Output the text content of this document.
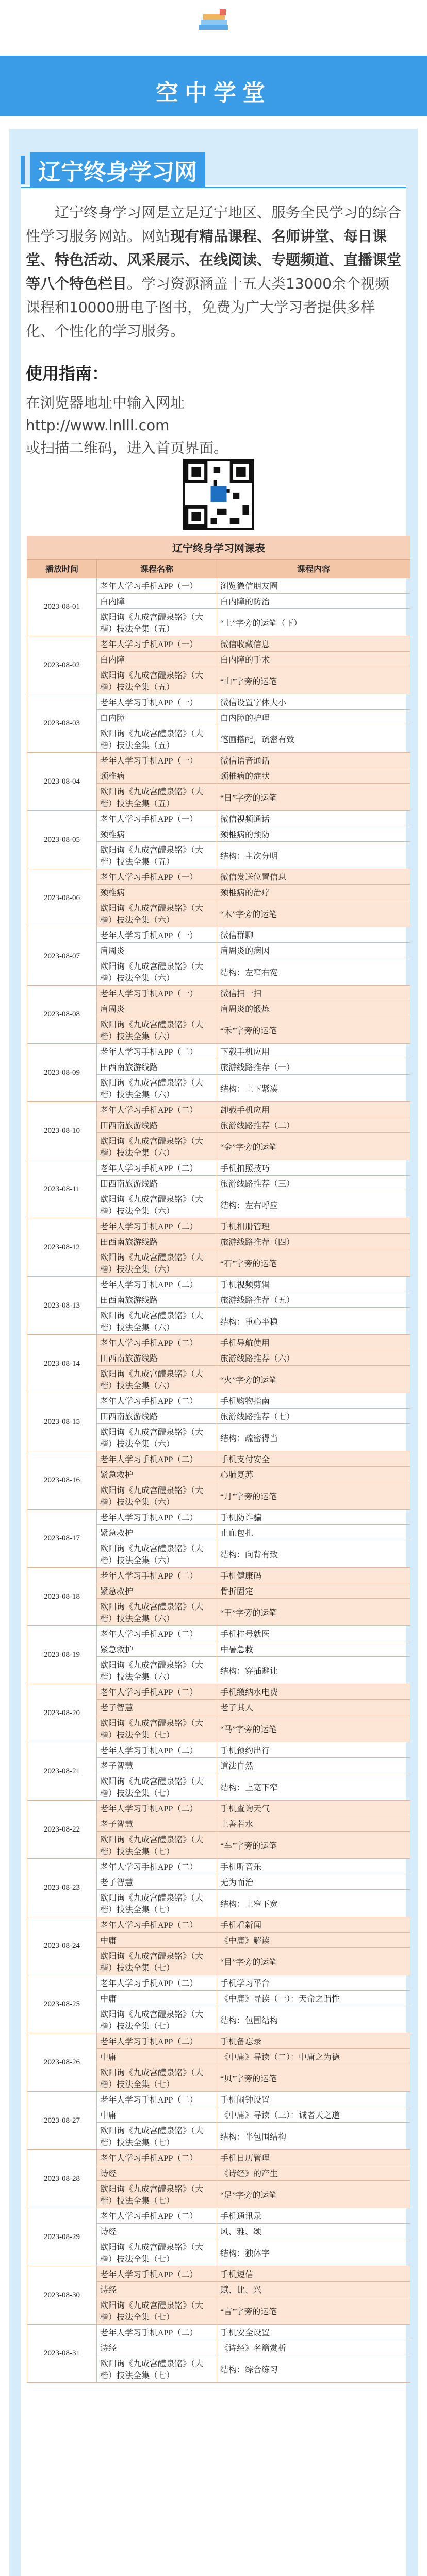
空中学堂
辽宁终身学习网

辽宁终身学习网是立足辽宁地区、服务全民学习的综合性学习服务网站。网站现有精品课程、名师讲堂、每日课堂、特色活动、风采展示、在线阅读、专题频道、直播课堂等八个特色栏目。学习资源涵盖十五大类13000余个视频课程和10000册电子图书，免费为广大学习者提供多样化、个性化的学习服务。

使用指南：
在浏览器地址中输入网址
http://www.lnlll.com
或扫描二维码，进入首页界面。
辽宁终身学习网课表
播放时间	课程名称	课程内容
2023-08-01	老年人学习手机APP（一）	浏览微信朋友圈
	白内障	白内障的防治
	欧阳询《九成宫醴泉铭》（大楷）技法全集（五）	“土”字旁的运笔（下）
2023-08-02	老年人学习手机APP（一）	微信收藏信息
	白内障	白内障的手术
	欧阳询《九成宫醴泉铭》（大楷）技法全集（五）	“山”字旁的运笔
2023-08-03	老年人学习手机APP（一）	微信设置字体大小
	白内障	白内障的护理
	欧阳询《九成宫醴泉铭》（大楷）技法全集（五）	笔画搭配，疏密有致
2023-08-04	老年人学习手机APP（一）	微信语音通话
	颈椎病	颈椎病的症状
	欧阳询《九成宫醴泉铭》（大楷）技法全集（五）	“日”字旁的运笔
2023-08-05	老年人学习手机APP（一）	微信视频通话
	颈椎病	颈椎病的预防
	欧阳询《九成宫醴泉铭》（大楷）技法全集（五）	结构：主次分明
2023-08-06	老年人学习手机APP（一）	微信发送位置信息
	颈椎病	颈椎病的治疗
	欧阳询《九成宫醴泉铭》（大楷）技法全集（六）	“木”字旁的运笔
2023-08-07	老年人学习手机APP（一）	微信群聊
	肩周炎	肩周炎的病因
	欧阳询《九成宫醴泉铭》（大楷）技法全集（六）	结构：左窄右宽
2023-08-08	老年人学习手机APP（一）	微信扫一扫
	肩周炎	肩周炎的锻炼
	欧阳询《九成宫醴泉铭》（大楷）技法全集（六）	“禾”字旁的运笔
2023-08-09	老年人学习手机APP（二）	下载手机应用
	田西南旅游线路	旅游线路推荐（一）
	欧阳询《九成宫醴泉铭》（大楷）技法全集（六）	结构：上下紧凑
2023-08-10	老年人学习手机APP（二）	卸载手机应用
	田西南旅游线路	旅游线路推荐（二）
	欧阳询《九成宫醴泉铭》（大楷）技法全集（六）	“金”字旁的运笔
2023-08-11	老年人学习手机APP（二）	手机拍照技巧
	田西南旅游线路	旅游线路推荐（三）
	欧阳询《九成宫醴泉铭》（大楷）技法全集（六）	结构：左右呼应
2023-08-12	老年人学习手机APP（二）	手机相册管理
	田西南旅游线路	旅游线路推荐（四）
	欧阳询《九成宫醴泉铭》（大楷）技法全集（六）	“石”字旁的运笔
2023-08-13	老年人学习手机APP（二）	手机视频剪辑
	田西南旅游线路	旅游线路推荐（五）
	欧阳询《九成宫醴泉铭》（大楷）技法全集（六）	结构：重心平稳
2023-08-14	老年人学习手机APP（二）	手机导航使用
	田西南旅游线路	旅游线路推荐（六）
	欧阳询《九成宫醴泉铭》（大楷）技法全集（六）	“火”字旁的运笔
2023-08-15	老年人学习手机APP（二）	手机购物指南
	田西南旅游线路	旅游线路推荐（七）
	欧阳询《九成宫醴泉铭》（大楷）技法全集（六）	结构：疏密得当
2023-08-16	老年人学习手机APP（二）	手机支付安全
	紧急救护	心肺复苏
	欧阳询《九成宫醴泉铭》（大楷）技法全集（六）	“月”字旁的运笔
2023-08-17	老年人学习手机APP（二）	手机防诈骗
	紧急救护	止血包扎
	欧阳询《九成宫醴泉铭》（大楷）技法全集（六）	结构：向背有致
2023-08-18	老年人学习手机APP（二）	手机健康码
	紧急救护	骨折固定
	欧阳询《九成宫醴泉铭》（大楷）技法全集（六）	“王”字旁的运笔
2023-08-19	老年人学习手机APP（二）	手机挂号就医
	紧急救护	中暑急救
	欧阳询《九成宫醴泉铭》（大楷）技法全集（六）	结构：穿插避让
2023-08-20	老年人学习手机APP（二）	手机缴纳水电费
	老子智慧	老子其人
	欧阳询《九成宫醴泉铭》（大楷）技法全集（七）	“马”字旁的运笔
2023-08-21	老年人学习手机APP（二）	手机预约出行
	老子智慧	道法自然
	欧阳询《九成宫醴泉铭》（大楷）技法全集（七）	结构：上宽下窄
2023-08-22	老年人学习手机APP（二）	手机查询天气
	老子智慧	上善若水
	欧阳询《九成宫醴泉铭》（大楷）技法全集（七）	“车”字旁的运笔
2023-08-23	老年人学习手机APP（二）	手机听音乐
	老子智慧	无为而治
	欧阳询《九成宫醴泉铭》（大楷）技法全集（七）	结构：上窄下宽
2023-08-24	老年人学习手机APP（二）	手机看新闻
	中庸	《中庸》解读
	欧阳询《九成宫醴泉铭》（大楷）技法全集（七）	“目”字旁的运笔
2023-08-25	老年人学习手机APP（二）	手机学习平台
	中庸	《中庸》导读（一）：天命之谓性
	欧阳询《九成宫醴泉铭》（大楷）技法全集（七）	结构：包围结构
2023-08-26	老年人学习手机APP（二）	手机备忘录
	中庸	《中庸》导读（二）：中庸之为德
	欧阳询《九成宫醴泉铭》（大楷）技法全集（七）	“贝”字旁的运笔
2023-08-27	老年人学习手机APP（二）	手机闹钟设置
	中庸	《中庸》导读（三）：诚者天之道
	欧阳询《九成宫醴泉铭》（大楷）技法全集（七）	结构：半包围结构
2023-08-28	老年人学习手机APP（二）	手机日历管理
	诗经	《诗经》的产生
	欧阳询《九成宫醴泉铭》（大楷）技法全集（七）	“足”字旁的运笔
2023-08-29	老年人学习手机APP（二）	手机通讯录
	诗经	风、雅、颂
	欧阳询《九成宫醴泉铭》（大楷）技法全集（七）	结构：独体字
2023-08-30	老年人学习手机APP（二）	手机短信
	诗经	赋、比、兴
	欧阳询《九成宫醴泉铭》（大楷）技法全集（七）	“言”字旁的运笔
2023-08-31	老年人学习手机APP（二）	手机安全设置
	诗经	《诗经》名篇赏析
	欧阳询《九成宫醴泉铭》（大楷）技法全集（七）	结构：综合练习
